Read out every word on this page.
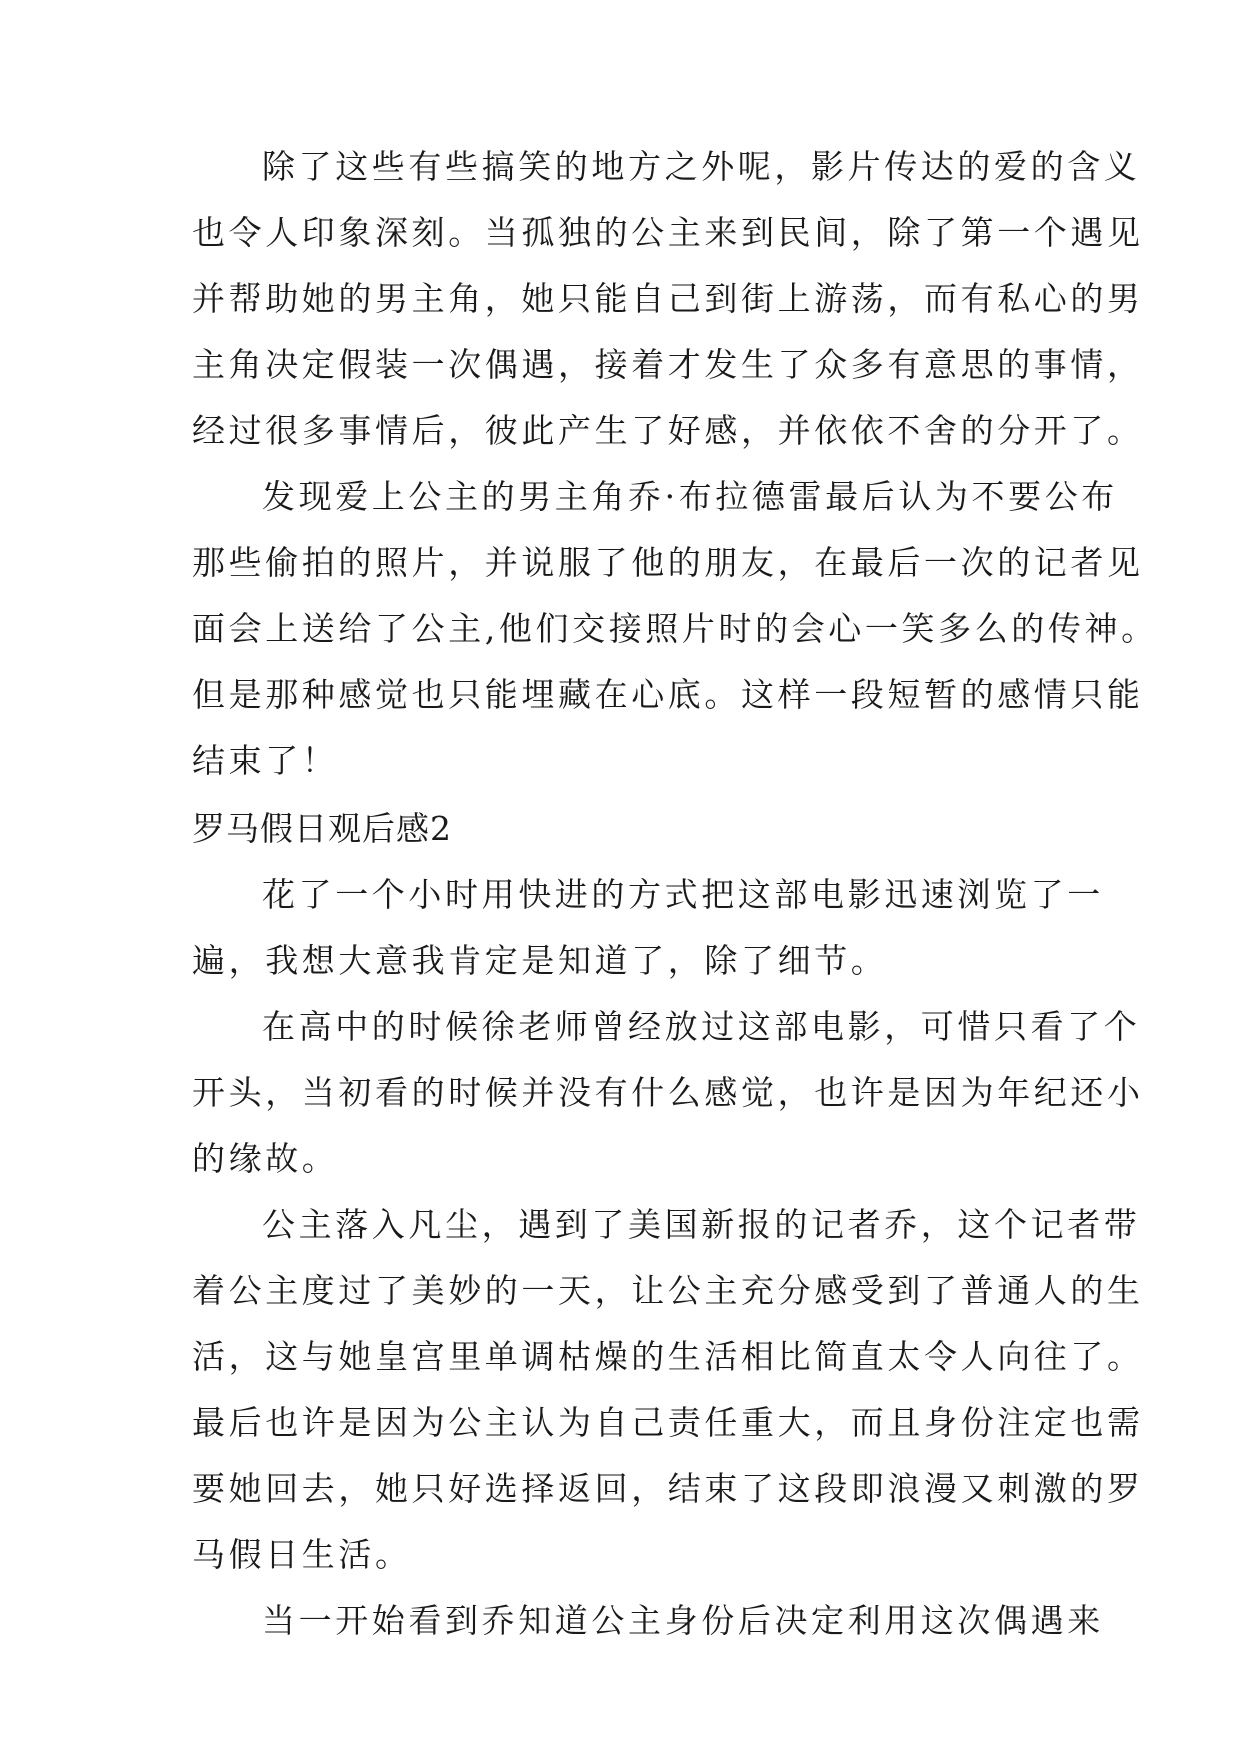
除了这些有些搞笑的地方之外呢，影片传达的爱的含义
也令人印象深刻。当孤独的公主来到民间，除了第一个遇见
并帮助她的男主角，她只能自己到街上游荡，而有私心的男
主角决定假装一次偶遇，接着才发生了众多有意思的事情，
经过很多事情后，彼此产生了好感，并依依不舍的分开了。
发现爱上公主的男主角乔·布拉德雷最后认为不要公布
那些偷拍的照片，并说服了他的朋友，在最后一次的记者见
面会上送给了公主,他们交接照片时的会心一笑多么的传神。
但是那种感觉也只能埋藏在心底。这样一段短暂的感情只能
结束了！
罗马假日观后感2
花了一个小时用快进的方式把这部电影迅速浏览了一
遍，我想大意我肯定是知道了，除了细节。
在高中的时候徐老师曾经放过这部电影，可惜只看了个
开头，当初看的时候并没有什么感觉，也许是因为年纪还小
的缘故。
公主落入凡尘，遇到了美国新报的记者乔，这个记者带
着公主度过了美妙的一天，让公主充分感受到了普通人的生
活，这与她皇宫里单调枯燥的生活相比简直太令人向往了。
最后也许是因为公主认为自己责任重大，而且身份注定也需
要她回去，她只好选择返回，结束了这段即浪漫又刺激的罗
马假日生活。
当一开始看到乔知道公主身份后决定利用这次偶遇来
